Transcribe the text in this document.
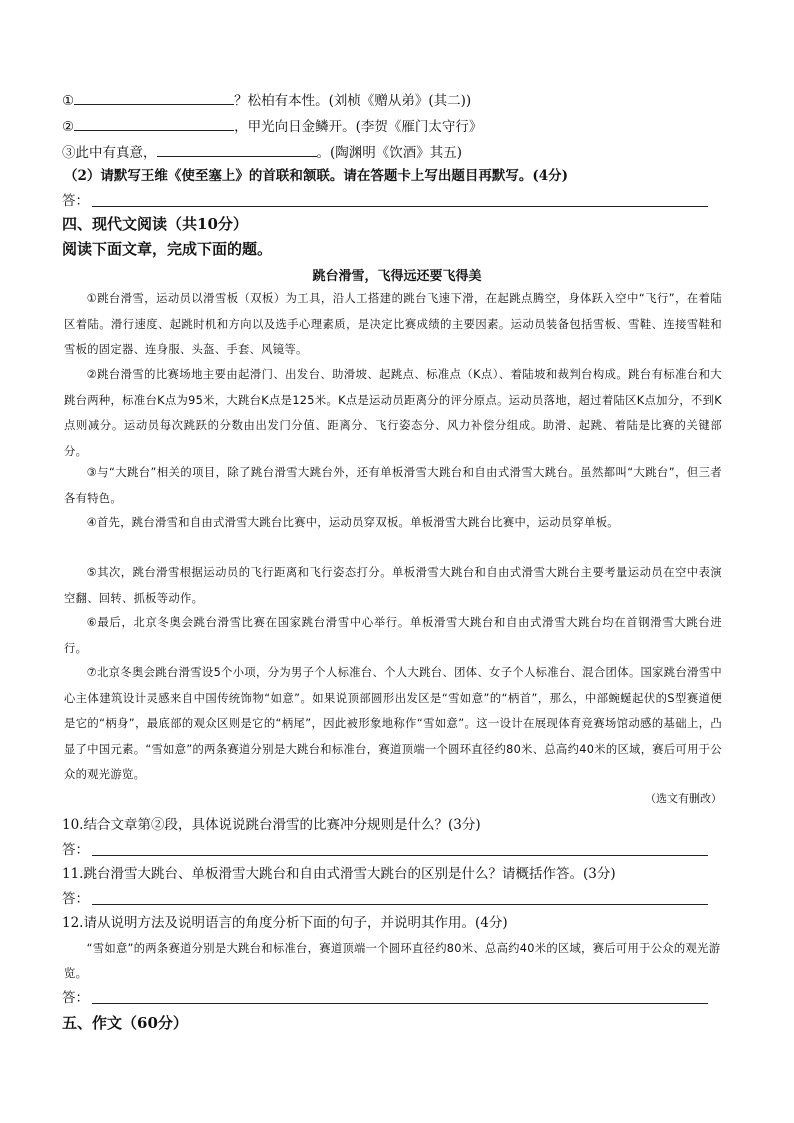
①	？松柏有本性。(刘桢《赠从弟》(其二))
②	，甲光向日金鳞开。(李贺《雁门太守行》
③此中有真意，	。(陶渊明《饮酒》其五)
（2）请默写王维《使至塞上》的首联和颔联。请在答题卡上写出题目再默写。(4分)
答：
四、现代文阅读（共10分）
阅读下面文章，完成下面的题。
跳台滑雪，飞得远还要飞得美
①跳台滑雪，运动员以滑雪板（双板）为工具，沿人工搭建的跳台飞速下滑，在起跳点腾空，身体跃入空中“飞行”，在着陆区着陆。滑行速度、起跳时机和方向以及选手心理素质，是决定比赛成绩的主要因素。运动员装备包括雪板、雪鞋、连接雪鞋和雪板的固定器、连身服、头盔、手套、风镜等。
②跳台滑雪的比赛场地主要由起滑门、出发台、助滑坡、起跳点、标准点（K点）、着陆坡和裁判台构成。跳台有标准台和大跳台两种，标准台K点为95米，大跳台K点是125米。K点是运动员距离分的评分原点。运动员落地，超过着陆区K点加分，不到K点则减分。运动员每次跳跃的分数由出发门分值、距离分、飞行姿态分、风力补偿分组成。助滑、起跳、着陆是比赛的关键部分。
③与“大跳台”相关的项目，除了跳台滑雪大跳台外，还有单板滑雪大跳台和自由式滑雪大跳台。虽然都叫“大跳台”，但三者各有特色。
④首先，跳台滑雪和自由式滑雪大跳台比赛中，运动员穿双板。单板滑雪大跳台比赛中，运动员穿单板。
⑤其次，跳台滑雪根据运动员的飞行距离和飞行姿态打分。单板滑雪大跳台和自由式滑雪大跳台主要考量运动员在空中表演空翻、回转、抓板等动作。
⑥最后，北京冬奥会跳台滑雪比赛在国家跳台滑雪中心举行。单板滑雪大跳台和自由式滑雪大跳台均在首钢滑雪大跳台进行。
⑦北京冬奥会跳台滑雪设5个小项，分为男子个人标准台、个人大跳台、团体、女子个人标准台、混合团体。国家跳台滑雪中心主体建筑设计灵感来自中国传统饰物“如意”。如果说顶部圆形出发区是“雪如意”的“柄首”，那么，中部蜿蜒起伏的S型赛道便是它的“柄身”，最底部的观众区则是它的“柄尾”，因此被形象地称作“雪如意”。这一设计在展现体育竞赛场馆动感的基础上，凸显了中国元素。“雪如意”的两条赛道分别是大跳台和标准台，赛道顶端一个圆环直径约80米、总高约40米的区域，赛后可用于公众的观光游览。
（选文有删改）
10.结合文章第②段，具体说说跳台滑雪的比赛冲分规则是什么？(3分)
答：
11.跳台滑雪大跳台、单板滑雪大跳台和自由式滑雪大跳台的区别是什么？请概括作答。(3分)
答：
12.请从说明方法及说明语言的角度分析下面的句子，并说明其作用。(4分)
“雪如意”的两条赛道分别是大跳台和标准台，赛道顶端一个圆环直径约80米、总高约40米的区域，赛后可用于公众的观光游览。
答：
五、作文（60分）
